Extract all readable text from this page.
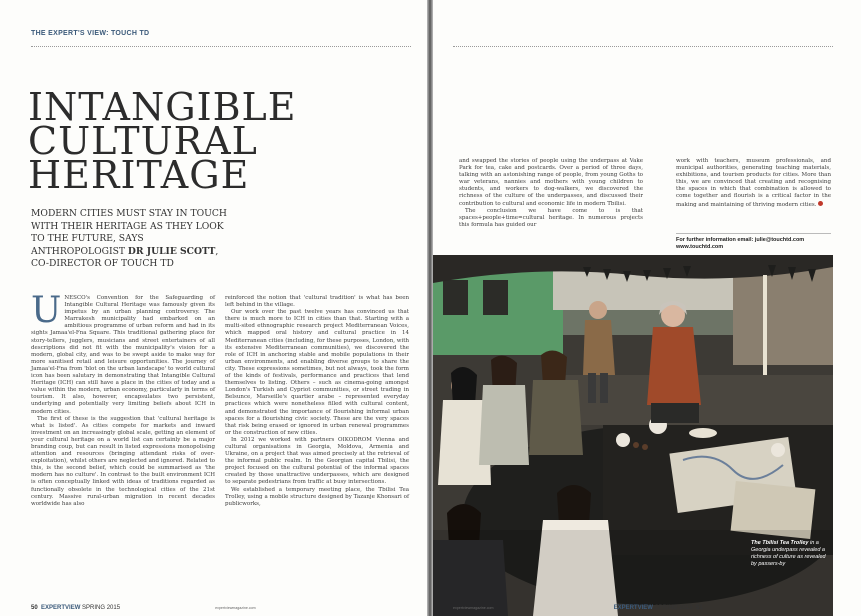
THE EXPERT'S VIEW: TOUCH TD
INTANGIBLE
CULTURAL
HERITAGE
MODERN CITIES MUST STAY IN TOUCH WITH THEIR HERITAGE AS THEY LOOK TO THE FUTURE, SAYS ANTHROPOLOGIST DR JULIE SCOTT, CO-DIRECTOR OF TOUCH TD
U NESCO's Convention for the Safeguarding of Intangible Cultural Heritage was famously given its impetus by an urban planning controversy. The Marrakesh municipality had embarked on an ambitious programme of urban reform and had in its sights Jamaa'el-Fna Square. This traditional gathering place for story-tellers, jugglers, musicians and street entertainers of all descriptions did not fit with the municipality's vision for a modern, global city, and was to be swept aside to make way for more sanitised retail and leisure opportunities. The journey of Jamaa'el-Fna from 'blot on the urban landscape' to world cultural icon has been salutary in demonstrating that Intangible Cultural Heritage (ICH) can still have a place in the cities of today and a value within the modern, urban economy, particularly in terms of tourism. It also, however, encapsulates two persistent, underlying and potentially very limiting beliefs about ICH in modern cities.

The first of these is the suggestion that 'cultural heritage is what is listed'. As cities compete for markets and inward investment on an increasingly global scale, getting an element of your cultural heritage on a world list can certainly be a major branding coup, but can result in listed expressions monopolising attention and resources (bringing attendant risks of over-exploitation), whilst others are neglected and ignored. Related to this, is the second belief, which could be summarised as 'the modern has no culture'. In contrast to the built environment ICH is often conceptually linked with ideas of traditions regarded as functionally obsolete in the technological cities of the 21st century. Massive rural-urban migration in recent decades worldwide has also

reinforced the notion that 'cultural tradition' is what has been left behind in the village.

Our work over the past twelve years has convinced us that there is much more to ICH in cities than that. Starting with a multi-sited ethnographic research project Mediterranean Voices, which mapped oral history and cultural practice in 14 Mediterranean cities (including, for these purposes, London, with its extensive Mediterranean communities), we discovered the role of ICH in anchoring stable and mobile populations in their urban environments, and enabling diverse groups to share the city. These expressions sometimes, but not always, took the form of the kinds of festivals, performance and practices that lend themselves to listing. Others – such as cinema-going amongst London's Turkish and Cypriot communities, or street trading in Belsunce, Marseille's quartier arabe – represented everyday practices which were nonetheless filled with cultural content, and demonstrated the importance of flourishing informal urban spaces for a flourishing civic society. These are the very spaces that risk being erased or ignored in urban renewal programmes or the construction of new cities.

In 2012 we worked with partners OIKODROM Vienna and cultural organisations in Georgia, Moldova, Armenia and Ukraine, on a project that was aimed precisely at the retrieval of the informal public realm. In the Georgian capital Tbilisi, the project focused on the cultural potential of the informal spaces created by those unattractive underpasses, which are designed to separate pedestrians from traffic at busy intersections.

We established a temporary meeting place, the Tbilisi Tea Trolley, using a mobile structure designed by Tazanje Khonsari of publicworks,

50 EXPERTVIEW SPRING 2015	expertviewmagazine.com

and swapped the stories of people using the underpass at Vake Park for tea, cake and postcards. Over a period of three days, talking with an astonishing range of people, from young Goths to war veterans, nannies and mothers with young children to students, and workers to dog-walkers, we discovered the richness of the culture of the underpasses, and discussed their contribution to cultural and economic life in modern Tbilisi.

The conclusion we have come to is that spaces+people+time=cultural heritage. In numerous projects this formula has guided our

work with teachers, museum professionals, and municipal authorities, generating teaching materials, exhibitions, and tourism products for cities. More than this, we are convinced that creating and recognising the spaces in which that combination is allowed to come together and flourish is a critical factor in the making and maintaining of thriving modern cities.

For further information email: julie@touchtd.com
www.touchtd.com
The Tbilisi Tea Trolley in a Georgia underpass revealed a richness of culture as revealed by passers-by
expertviewmagazine.com	EXPERTVIEW SPRING 2015 51
